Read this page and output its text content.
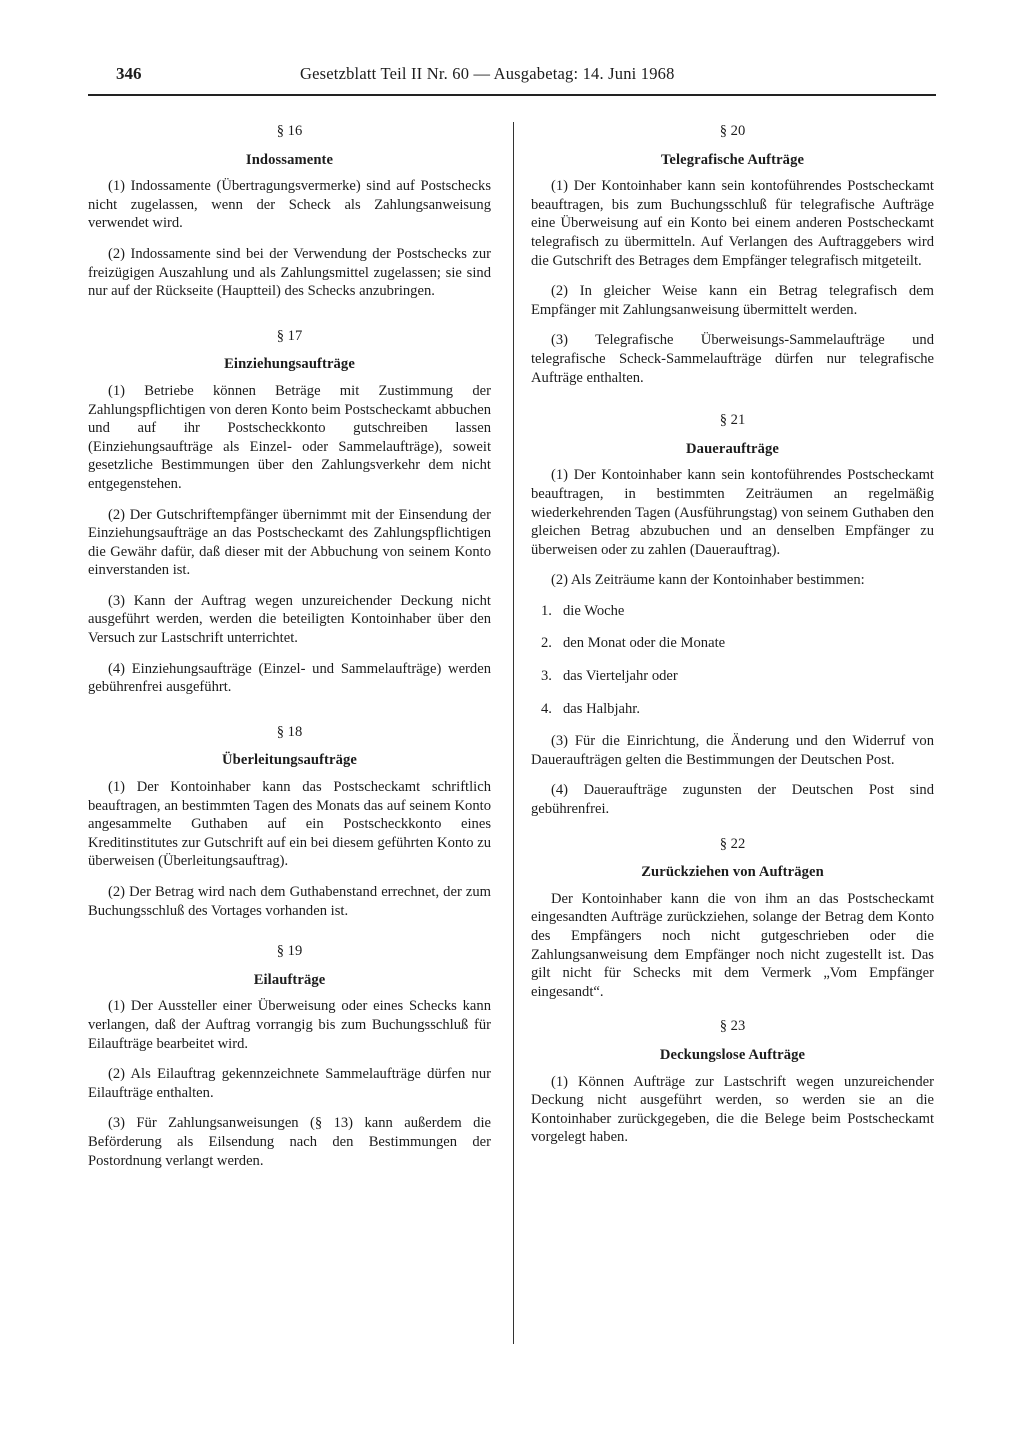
346	Gesetzblatt Teil II Nr. 60 — Ausgabetag: 14. Juni 1968
§ 16
Indossamente

(1) Indossamente (Übertragungsvermerke) sind auf Postschecks nicht zugelassen, wenn der Scheck als Zahlungsanweisung verwendet wird.

(2) Indossamente sind bei der Verwendung der Postschecks zur freizügigen Auszahlung und als Zahlungsmittel zugelassen; sie sind nur auf der Rückseite (Hauptteil) des Schecks anzubringen.

§ 17
Einziehungsaufträge

(1) Betriebe können Beträge mit Zustimmung der Zahlungspflichtigen von deren Konto beim Postscheckamt abbuchen und auf ihr Postscheckkonto gutschreiben lassen (Einziehungsaufträge als Einzel- oder Sammelaufträge), soweit gesetzliche Bestimmungen über den Zahlungsverkehr dem nicht entgegenstehen.

(2) Der Gutschriftempfänger übernimmt mit der Einsendung der Einziehungsaufträge an das Postscheckamt des Zahlungspflichtigen die Gewähr dafür, daß dieser mit der Abbuchung von seinem Konto einverstanden ist.

(3) Kann der Auftrag wegen unzureichender Deckung nicht ausgeführt werden, werden die beteiligten Kontoinhaber über den Versuch zur Lastschrift unterrichtet.

(4) Einziehungsaufträge (Einzel- und Sammelaufträge) werden gebührenfrei ausgeführt.

§ 18
Überleitungsaufträge

(1) Der Kontoinhaber kann das Postscheckamt schriftlich beauftragen, an bestimmten Tagen des Monats das auf seinem Konto angesammelte Guthaben auf ein Postscheckkonto eines Kreditinstitutes zur Gutschrift auf ein bei diesem geführten Konto zu überweisen (Überleitungsauftrag).

(2) Der Betrag wird nach dem Guthabenstand errechnet, der zum Buchungsschluß des Vortages vorhanden ist.

§ 19
Eilaufträge

(1) Der Aussteller einer Überweisung oder eines Schecks kann verlangen, daß der Auftrag vorrangig bis zum Buchungsschluß für Eilaufträge bearbeitet wird.

(2) Als Eilauftrag gekennzeichnete Sammelaufträge dürfen nur Eilaufträge enthalten.

(3) Für Zahlungsanweisungen (§ 13) kann außerdem die Beförderung als Eilsendung nach den Bestimmungen der Postordnung verlangt werden.

§ 20
Telegrafische Aufträge

(1) Der Kontoinhaber kann sein kontoführendes Postscheckamt beauftragen, bis zum Buchungsschluß für telegrafische Aufträge eine Überweisung auf ein Konto bei einem anderen Postscheckamt telegrafisch zu übermitteln. Auf Verlangen des Auftraggebers wird die Gutschrift des Betrages dem Empfänger telegrafisch mitgeteilt.

(2) In gleicher Weise kann ein Betrag telegrafisch dem Empfänger mit Zahlungsanweisung übermittelt werden.

(3) Telegrafische Überweisungs-Sammelaufträge und telegrafische Scheck-Sammelaufträge dürfen nur telegrafische Aufträge enthalten.

§ 21
Daueraufträge

(1) Der Kontoinhaber kann sein kontoführendes Postscheckamt beauftragen, in bestimmten Zeiträumen an regelmäßig wiederkehrenden Tagen (Ausführungstag) von seinem Guthaben den gleichen Betrag abzubuchen und an denselben Empfänger zu überweisen oder zu zahlen (Dauerauftrag).

(2) Als Zeiträume kann der Kontoinhaber bestimmen:

1. die Woche
2. den Monat oder die Monate
3. das Vierteljahr oder
4. das Halbjahr.

(3) Für die Einrichtung, die Änderung und den Widerruf von Daueraufträgen gelten die Bestimmungen der Deutschen Post.

(4) Daueraufträge zugunsten der Deutschen Post sind gebührenfrei.

§ 22
Zurückziehen von Aufträgen

Der Kontoinhaber kann die von ihm an das Postscheckamt eingesandten Aufträge zurückziehen, solange der Betrag dem Konto des Empfängers noch nicht gutgeschrieben oder die Zahlungsanweisung dem Empfänger noch nicht zugestellt ist. Das gilt nicht für Schecks mit dem Vermerk „Vom Empfänger eingesandt“.

§ 23
Deckungslose Aufträge

(1) Können Aufträge zur Lastschrift wegen unzureichender Deckung nicht ausgeführt werden, so werden sie an die Kontoinhaber zurückgegeben, die die Belege beim Postscheckamt vorgelegt haben.
